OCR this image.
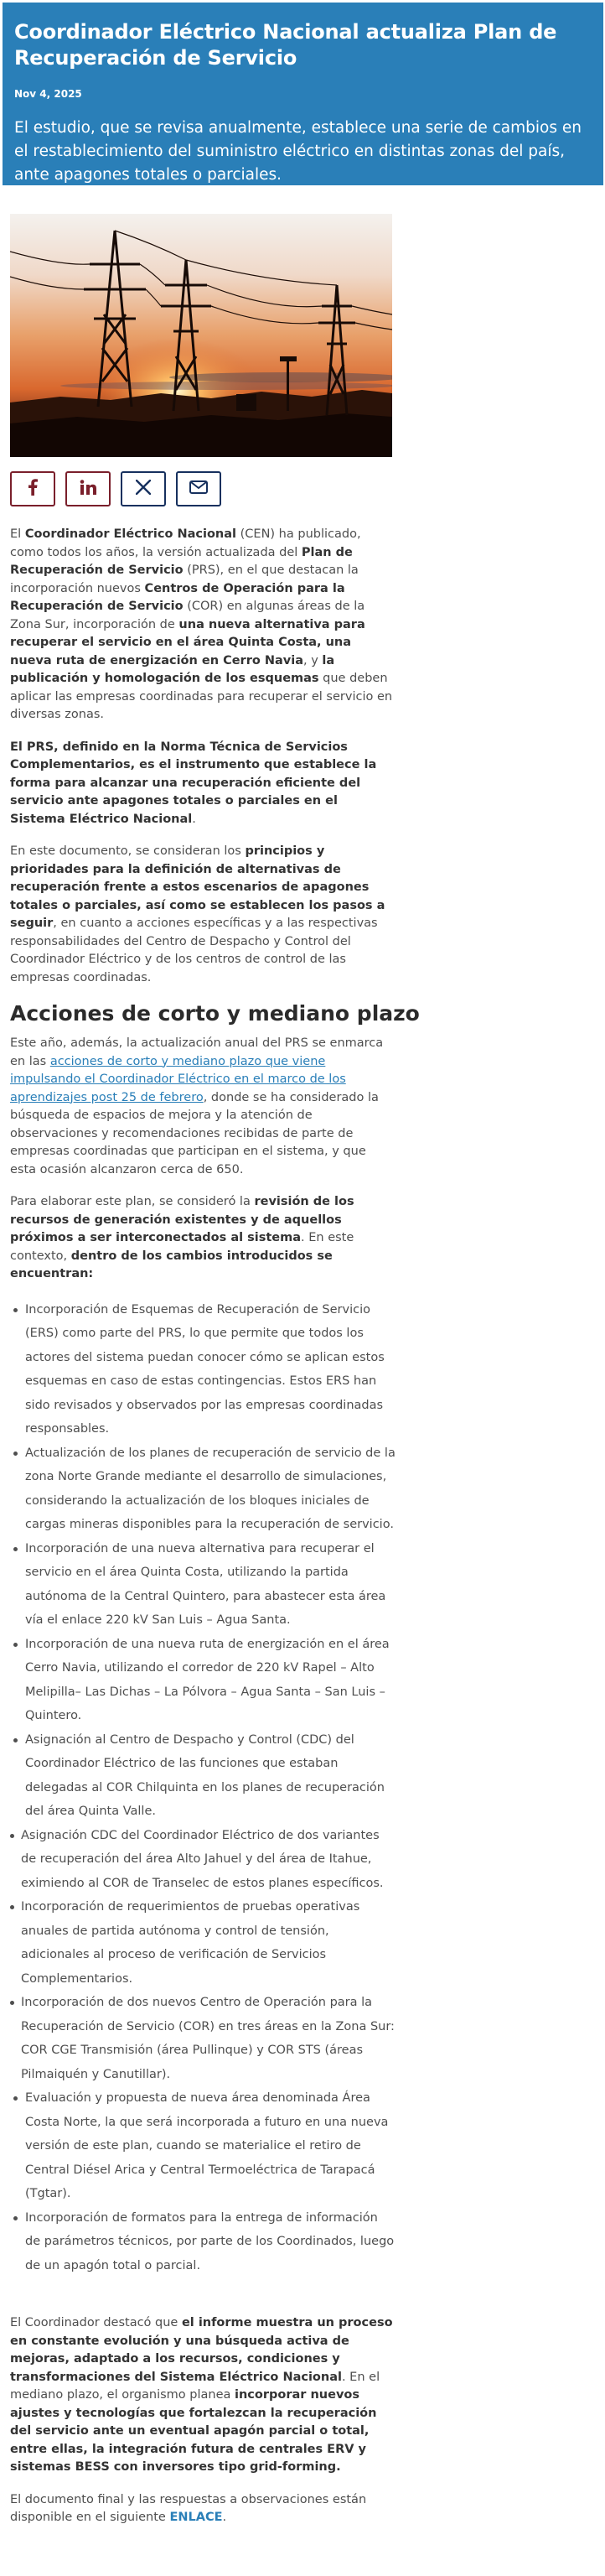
Coordinador Eléctrico Nacional actualiza Plan de Recuperación de Servicio
Nov 4, 2025
El estudio, que se revisa anualmente, establece una serie de cambios en el restablecimiento del suministro eléctrico en distintas zonas del país, ante apagones totales o parciales.

El Coordinador Eléctrico Nacional (CEN) ha publicado, como todos los años, la versión actualizada del Plan de Recuperación de Servicio (PRS), en el que destacan la incorporación nuevos Centros de Operación para la Recuperación de Servicio (COR) en algunas áreas de la Zona Sur, incorporación de una nueva alternativa para recuperar el servicio en el área Quinta Costa, una nueva ruta de energización en Cerro Navia, y la publicación y homologación de los esquemas que deben aplicar las empresas coordinadas para recuperar el servicio en diversas zonas.

El PRS, definido en la Norma Técnica de Servicios Complementarios, es el instrumento que establece la forma para alcanzar una recuperación eficiente del servicio ante apagones totales o parciales en el Sistema Eléctrico Nacional.

En este documento, se consideran los principios y prioridades para la definición de alternativas de recuperación frente a estos escenarios de apagones totales o parciales, así como se establecen los pasos a seguir, en cuanto a acciones específicas y a las respectivas responsabilidades del Centro de Despacho y Control del Coordinador Eléctrico y de los centros de control de las empresas coordinadas.

Acciones de corto y mediano plazo

Este año, además, la actualización anual del PRS se enmarca en las acciones de corto y mediano plazo que viene impulsando el Coordinador Eléctrico en el marco de los aprendizajes post 25 de febrero, donde se ha considerado la búsqueda de espacios de mejora y la atención de observaciones y recomendaciones recibidas de parte de empresas coordinadas que participan en el sistema, y que esta ocasión alcanzaron cerca de 650.

Para elaborar este plan, se consideró la revisión de los recursos de generación existentes y de aquellos próximos a ser interconectados al sistema. En este contexto, dentro de los cambios introducidos se encuentran:

Incorporación de Esquemas de Recuperación de Servicio (ERS) como parte del PRS, lo que permite que todos los actores del sistema puedan conocer cómo se aplican estos esquemas en caso de estas contingencias. Estos ERS han sido revisados y observados por las empresas coordinadas responsables.
Actualización de los planes de recuperación de servicio de la zona Norte Grande mediante el desarrollo de simulaciones, considerando la actualización de los bloques iniciales de cargas mineras disponibles para la recuperación de servicio.
Incorporación de una nueva alternativa para recuperar el servicio en el área Quinta Costa, utilizando la partida autónoma de la Central Quintero, para abastecer esta área vía el enlace 220 kV San Luis – Agua Santa.
Incorporación de una nueva ruta de energización en el área Cerro Navia, utilizando el corredor de 220 kV Rapel – Alto Melipilla– Las Dichas – La Pólvora – Agua Santa – San Luis – Quintero.
Asignación al Centro de Despacho y Control (CDC) del Coordinador Eléctrico de las funciones que estaban delegadas al COR Chilquinta en los planes de recuperación del área Quinta Valle.
Asignación CDC del Coordinador Eléctrico de dos variantes de recuperación del área Alto Jahuel y del área de Itahue, eximiendo al COR de Transelec de estos planes específicos.
Incorporación de requerimientos de pruebas operativas anuales de partida autónoma y control de tensión, adicionales al proceso de verificación de Servicios Complementarios.
Incorporación de dos nuevos Centro de Operación para la Recuperación de Servicio (COR) en tres áreas en la Zona Sur: COR CGE Transmisión (área Pullinque) y COR STS (áreas Pilmaiquén y Canutillar).
Evaluación y propuesta de nueva área denominada Área Costa Norte, la que será incorporada a futuro en una nueva versión de este plan, cuando se materialice el retiro de Central Diésel Arica y Central Termoeléctrica de Tarapacá (Tgtar).
Incorporación de formatos para la entrega de información de parámetros técnicos, por parte de los Coordinados, luego de un apagón total o parcial.

El Coordinador destacó que el informe muestra un proceso en constante evolución y una búsqueda activa de mejoras, adaptado a los recursos, condiciones y transformaciones del Sistema Eléctrico Nacional. En el mediano plazo, el organismo planea incorporar nuevos ajustes y tecnologías que fortalezcan la recuperación del servicio ante un eventual apagón parcial o total, entre ellas, la integración futura de centrales ERV y sistemas BESS con inversores tipo grid-forming.

El documento final y las respuestas a observaciones están disponible en el siguiente ENLACE.
